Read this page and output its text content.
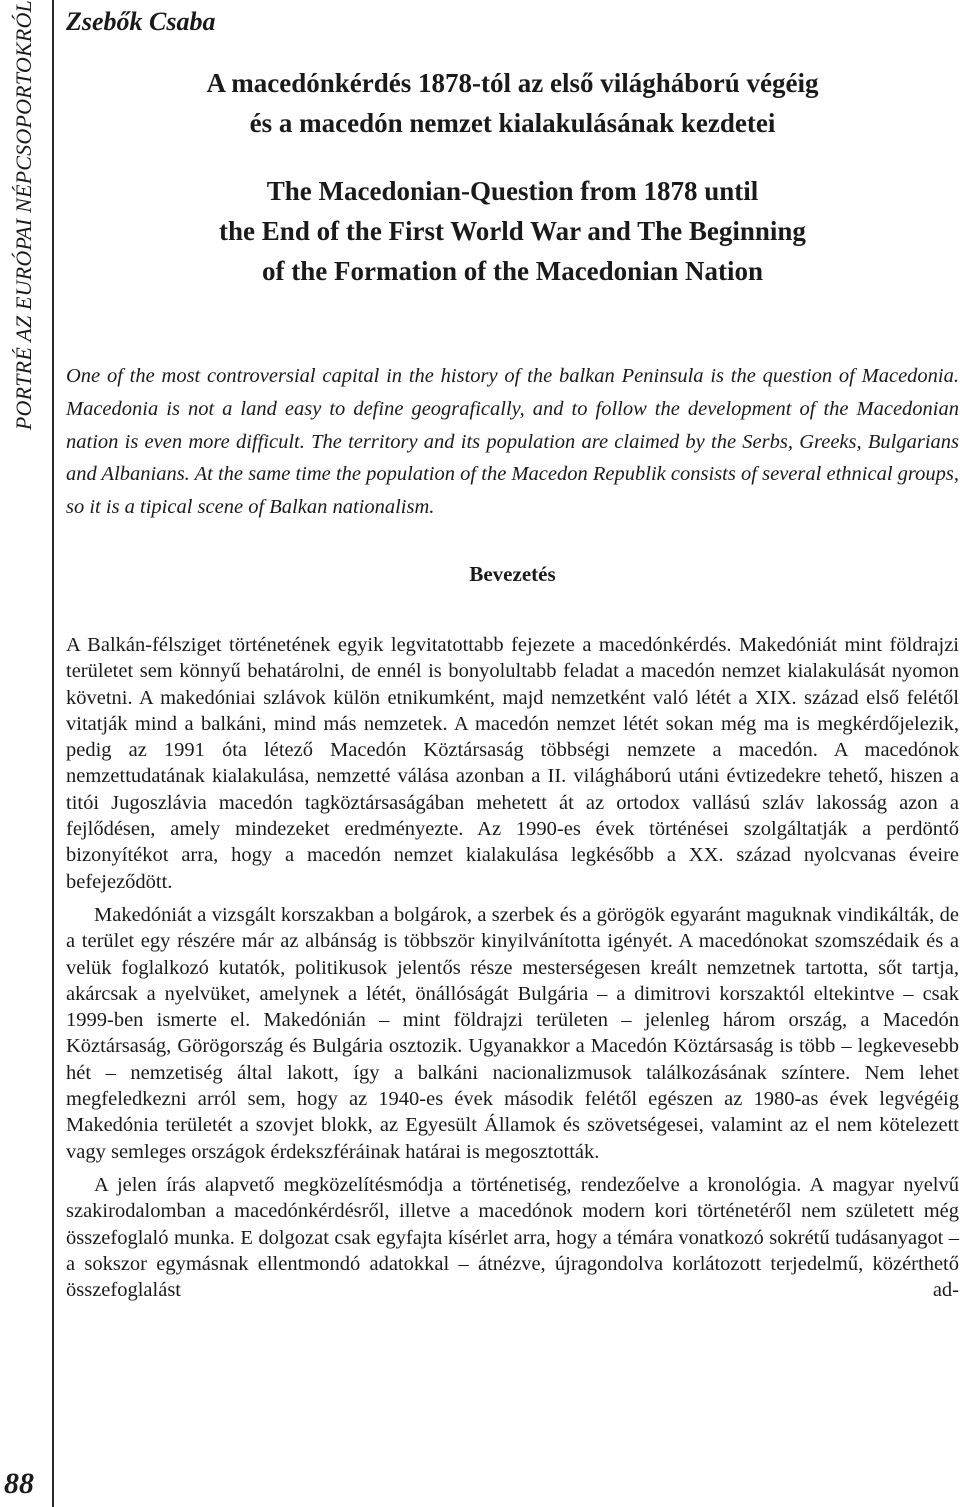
PORTRÉ AZ EURÓPAI NÉPCSOPORTOKRÓL
88
Zsebők Csaba
A macedónkérdés 1878-tól az első világháború végéig
és a macedón nemzet kialakulásának kezdetei
The Macedonian-Question from 1878 until
the End of the First World War and The Beginning
of the Formation of the Macedonian Nation

One of the most controversial capital in the history of the balkan Peninsula is the question of Macedonia. Macedonia is not a land easy to define geografically, and to follow the development of the Macedonian nation is even more difficult. The territory and its population are claimed by the Serbs, Greeks, Bulgarians and Albanians. At the same time the population of the Macedon Republik consists of several ethnical groups, so it is a tipical scene of Balkan nationalism.

Bevezetés

A Balkán-félsziget történetének egyik legvitatottabb fejezete a macedónkérdés. Makedóniát mint földrajzi területet sem könnyű behatárolni, de ennél is bonyolultabb feladat a macedón nemzet kialakulását nyomon követni. A makedóniai szlávok külön etnikumként, majd nemzetként való létét a XIX. század első felétől vitatják mind a balkáni, mind más nemzetek. A macedón nemzet létét sokan még ma is megkérdőjelezik, pedig az 1991 óta létező Macedón Köztársaság többségi nemzete a macedón. A macedónok nemzettudatának kialakulása, nemzetté válása azonban a II. világháború utáni évtizedekre tehető, hiszen a titói Jugoszlávia macedón tagköztársaságában mehetett át az ortodox vallású szláv lakosság azon a fejlődésen, amely mindezeket eredményezte. Az 1990-es évek történései szolgáltatják a perdöntő bizonyítékot arra, hogy a macedón nemzet kialakulása legkésőbb a XX. század nyolcvanas éveire befejeződött.

Makedóniát a vizsgált korszakban a bolgárok, a szerbek és a görögök egyaránt maguknak vindikálták, de a terület egy részére már az albánság is többször kinyilvánította igényét. A macedónokat szomszédaik és a velük foglalkozó kutatók, politikusok jelentős része mesterségesen kreált nemzetnek tartotta, sőt tartja, akárcsak a nyelvüket, amelynek a létét, önállóságát Bulgária – a dimitrovi korszaktól eltekintve – csak 1999-ben ismerte el. Makedónián – mint földrajzi területen – jelenleg három ország, a Macedón Köztársaság, Görögország és Bulgária osztozik. Ugyanakkor a Macedón Köztársaság is több – legkevesebb hét – nemzetiség által lakott, így a balkáni nacionalizmusok találkozásának színtere. Nem lehet megfeledkezni arról sem, hogy az 1940-es évek második felétől egészen az 1980-as évek legvégéig Makedónia területét a szovjet blokk, az Egyesült Államok és szövetségesei, valamint az el nem kötelezett vagy semleges országok érdekszféráinak határai is megosztották.

A jelen írás alapvető megközelítésmódja a történetiség, rendezőelve a kronológia. A magyar nyelvű szakirodalomban a macedónkérdésről, illetve a macedónok modern kori történetéről nem született még összefoglaló munka. E dolgozat csak egyfajta kísérlet arra, hogy a témára vonatkozó sokrétű tudásanyagot – a sokszor egymásnak ellentmondó adatokkal – átnézve, újragondolva korlátozott terjedelmű, közérthető összefoglalást ad-
